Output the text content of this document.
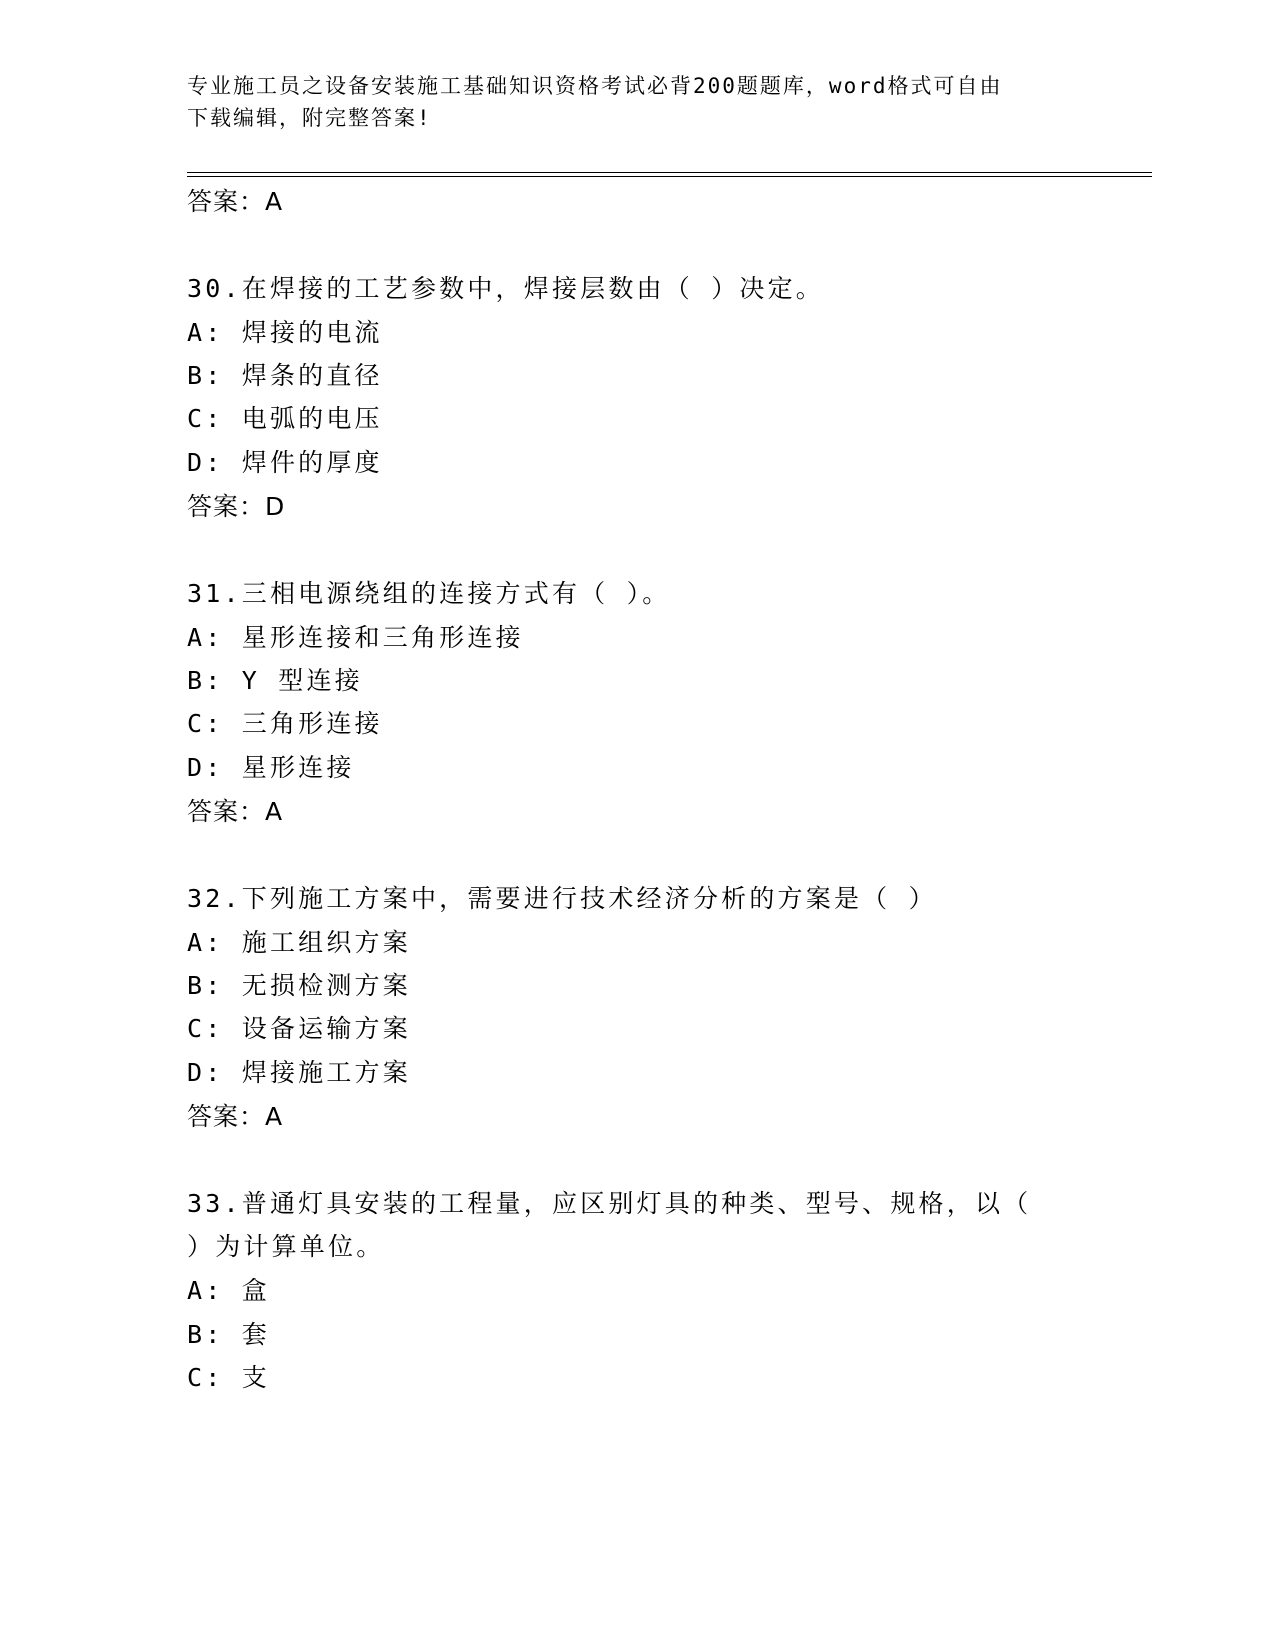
专业施工员之设备安装施工基础知识资格考试必背200题题库，word格式可自由
下载编辑，附完整答案!
答案：A
30.在焊接的工艺参数中，焊接层数由（ ）决定。
A: 焊接的电流
B: 焊条的直径
C: 电弧的电压
D: 焊件的厚度
答案：D
31.三相电源绕组的连接方式有（ ）。
A: 星形连接和三角形连接
B: Y 型连接
C: 三角形连接
D: 星形连接
答案：A
32.下列施工方案中，需要进行技术经济分析的方案是（ ）
A: 施工组织方案
B: 无损检测方案
C: 设备运输方案
D: 焊接施工方案
答案：A
33.普通灯具安装的工程量，应区别灯具的种类、型号、规格，以（
）为计算单位。
A: 盒
B: 套
C: 支
